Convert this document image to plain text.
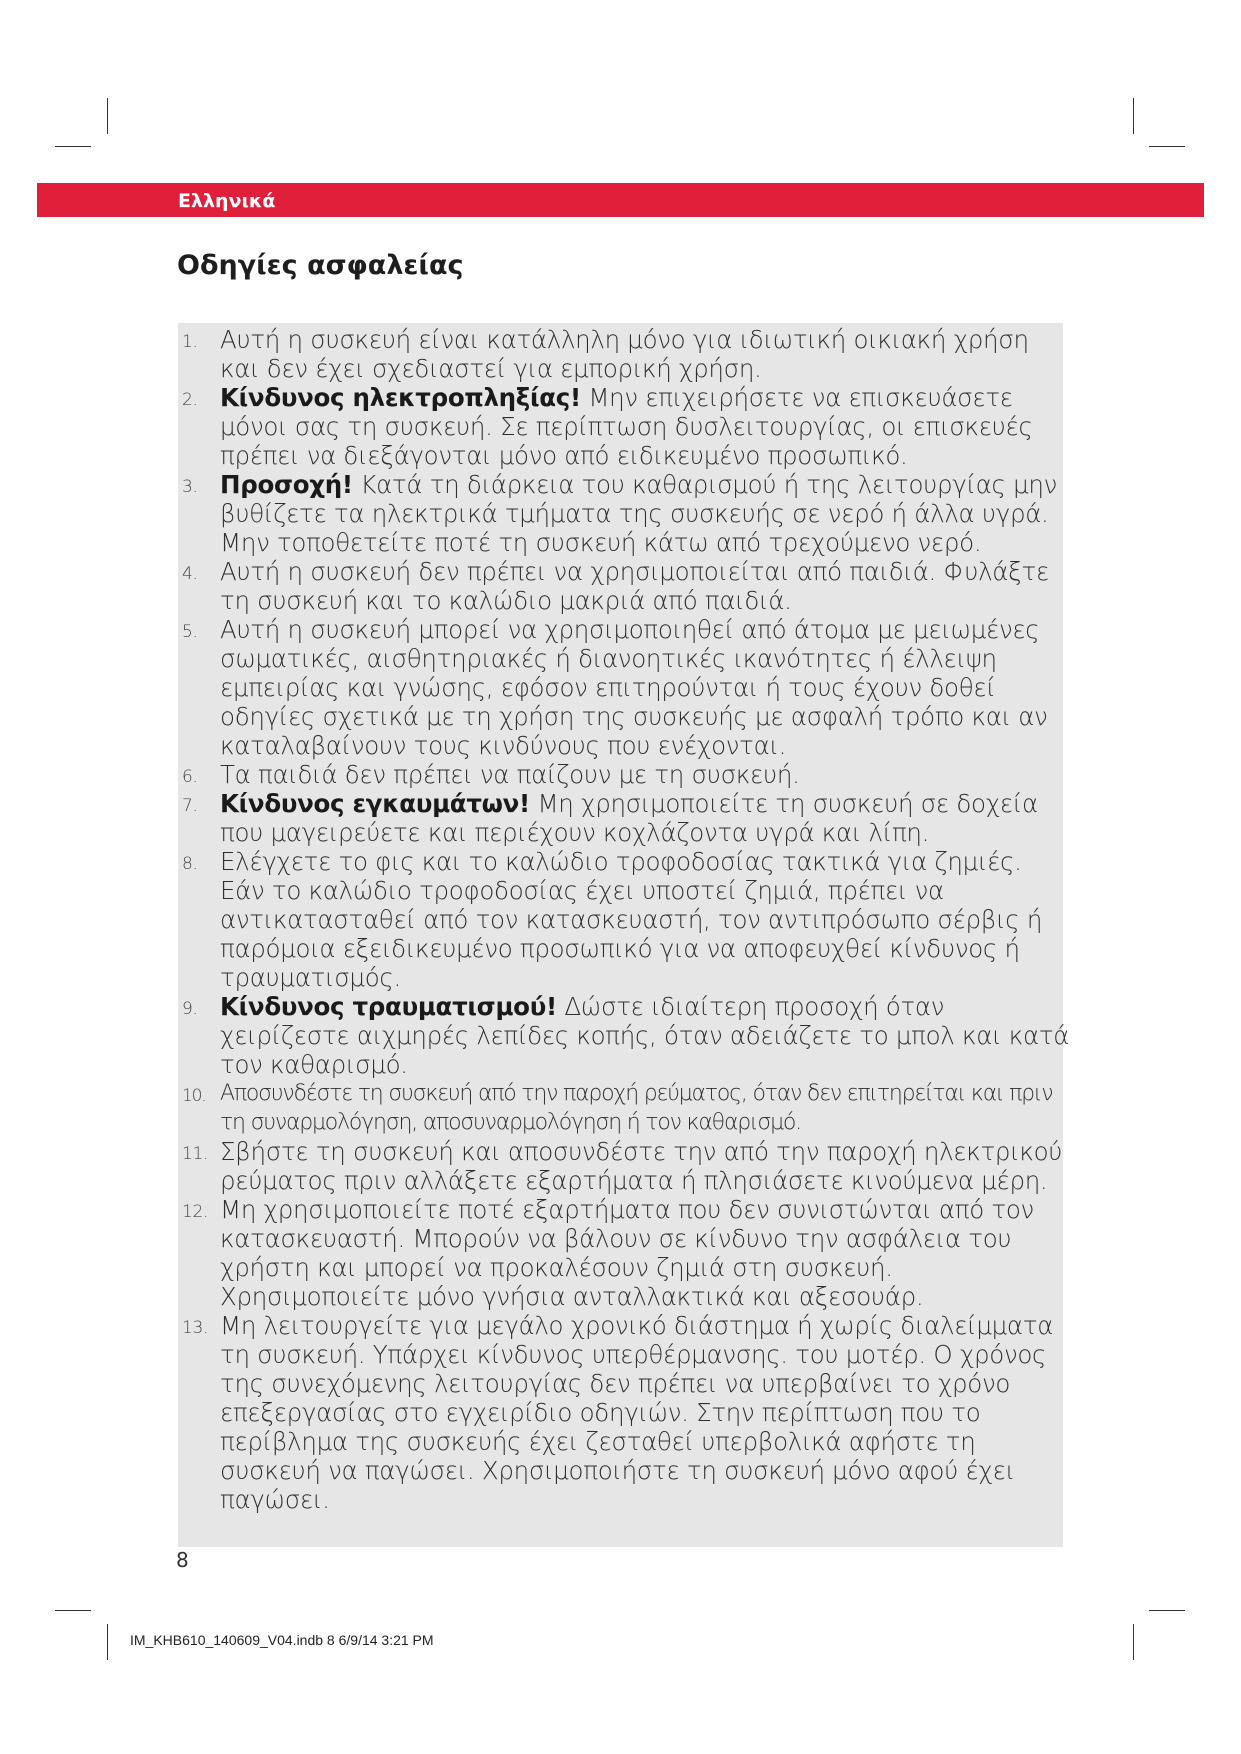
Ελληνικά
Οδηγίες ασφαλείας
1. Αυτή η συσκευή είναι κατάλληλη μόνο για ιδιωτική οικιακή χρήση και δεν έχει σχεδιαστεί για εμπορική χρήση.
2. Κίνδυνος ηλεκτροπληξίας! Μην επιχειρήσετε να επισκευάσετε μόνοι σας τη συσκευή. Σε περίπτωση δυσλειτουργίας, οι επισκευές πρέπει να διεξάγονται μόνο από ειδικευμένο προσωπικό.
3. Προσοχή! Κατά τη διάρκεια του καθαρισμού ή της λειτουργίας μην βυθίζετε τα ηλεκτρικά τμήματα της συσκευής σε νερό ή άλλα υγρά. Μην τοποθετείτε ποτέ τη συσκευή κάτω από τρεχούμενο νερό.
4. Αυτή η συσκευή δεν πρέπει να χρησιμοποιείται από παιδιά. Φυλάξτε τη συσκευή και το καλώδιο μακριά από παιδιά.
5. Αυτή η συσκευή μπορεί να χρησιμοποιηθεί από άτομα με μειωμένες σωματικές, αισθητηριακές ή διανοητικές ικανότητες ή έλλειψη εμπειρίας και γνώσης, εφόσον επιτηρούνται ή τους έχουν δοθεί οδηγίες σχετικά με τη χρήση της συσκευής με ασφαλή τρόπο και αν καταλαβαίνουν τους κινδύνους που ενέχονται.
6. Τα παιδιά δεν πρέπει να παίζουν με τη συσκευή.
7. Κίνδυνος εγκαυμάτων! Μη χρησιμοποιείτε τη συσκευή σε δοχεία που μαγειρεύετε και περιέχουν κοχλάζοντα υγρά και λίπη.
8. Ελέγχετε το φις και το καλώδιο τροφοδοσίας τακτικά για ζημιές. Εάν το καλώδιο τροφοδοσίας έχει υποστεί ζημιά, πρέπει να αντικατασταθεί από τον κατασκευαστή, τον αντιπρόσωπο σέρβις ή παρόμοια εξειδικευμένο προσωπικό για να αποφευχθεί κίνδυνος ή τραυματισμός.
9. Κίνδυνος τραυματισμού! Δώστε ιδιαίτερη προσοχή όταν χειρίζεστε αιχμηρές λεπίδες κοπής, όταν αδειάζετε το μπολ και κατά τον καθαρισμό.
10. Αποσυνδέστε τη συσκευή από την παροχή ρεύματος, όταν δεν επιτηρείται και πριν τη συναρμολόγηση, αποσυναρμολόγηση ή τον καθαρισμό.
11. Σβήστε τη συσκευή και αποσυνδέστε την από την παροχή ηλεκτρικού ρεύματος πριν αλλάξετε εξαρτήματα ή πλησιάσετε κινούμενα μέρη.
12. Μη χρησιμοποιείτε ποτέ εξαρτήματα που δεν συνιστώνται από τον κατασκευαστή. Μπορούν να βάλουν σε κίνδυνο την ασφάλεια του χρήστη και μπορεί να προκαλέσουν ζημιά στη συσκευή. Χρησιμοποιείτε μόνο γνήσια ανταλλακτικά και αξεσουάρ.
13. Μη λειτουργείτε για μεγάλο χρονικό διάστημα ή χωρίς διαλείμματα τη συσκευή. Υπάρχει κίνδυνος υπερθέρμανσης. του μοτέρ. Ο χρόνος της συνεχόμενης λειτουργίας δεν πρέπει να υπερβαίνει το χρόνο επεξεργασίας στο εγχειρίδιο οδηγιών. Στην περίπτωση που το περίβλημα της συσκευής έχει ζεσταθεί υπερβολικά αφήστε τη συσκευή να παγώσει. Χρησιμοποιήστε τη συσκευή μόνο αφού έχει παγώσει.
8
IM_KHB610_140609_V04.indb 8 6/9/14 3:21 PM
